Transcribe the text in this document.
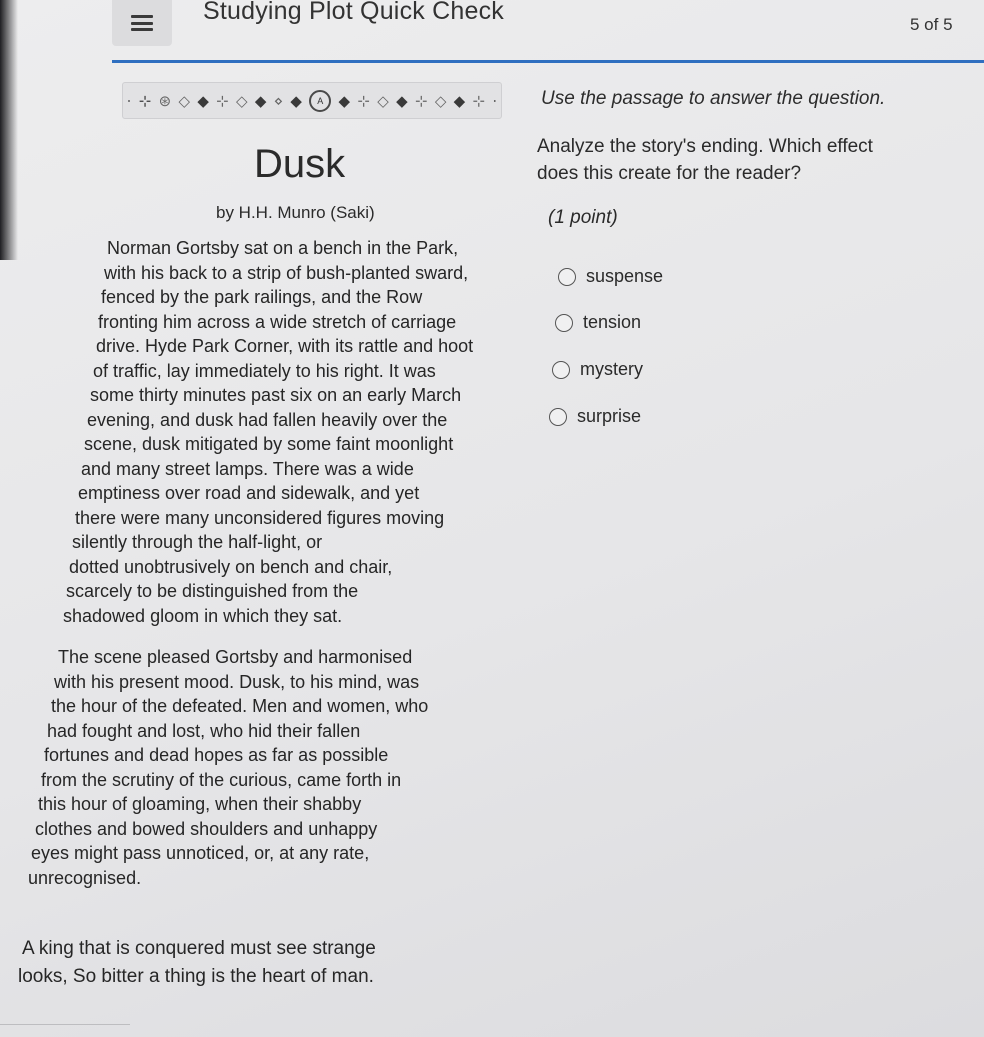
Studying Plot Quick Check	5 of 5
⋅ ⊹ ⊛ ◇ ◆ ⊹ ◇ ◆ ⋄ ◆	A	◆ ⊹ ◇ ◆ ⊹ ◇ ◆ ⊹ ⋅ Use the passage to answer the question.
Dusk
by H.H. Munro (Saki)
Norman Gortsby sat on a bench in the Park,
with his back to a strip of bush-planted sward,
fenced by the park railings, and the Row
fronting him across a wide stretch of carriage
drive. Hyde Park Corner, with its rattle and hoot
of traffic, lay immediately to his right. It was
some thirty minutes past six on an early March
evening, and dusk had fallen heavily over the
scene, dusk mitigated by some faint moonlight
and many street lamps. There was a wide
emptiness over road and sidewalk, and yet
there were many unconsidered figures moving
silently through the half-light, or
dotted unobtrusively on bench and chair,
scarcely to be distinguished from the
shadowed gloom in which they sat.
The scene pleased Gortsby and harmonised
with his present mood. Dusk, to his mind, was
the hour of the defeated. Men and women, who
had fought and lost, who hid their fallen
fortunes and dead hopes as far as possible
from the scrutiny of the curious, came forth in
this hour of gloaming, when their shabby
clothes and bowed shoulders and unhappy
eyes might pass unnoticed, or, at any rate,
unrecognised.
A king that is conquered must see strange
looks, So bitter a thing is the heart of man.
Analyze the story's ending. Which effect
does this create for the reader?
(1 point)
suspense
tension
mystery
surprise
